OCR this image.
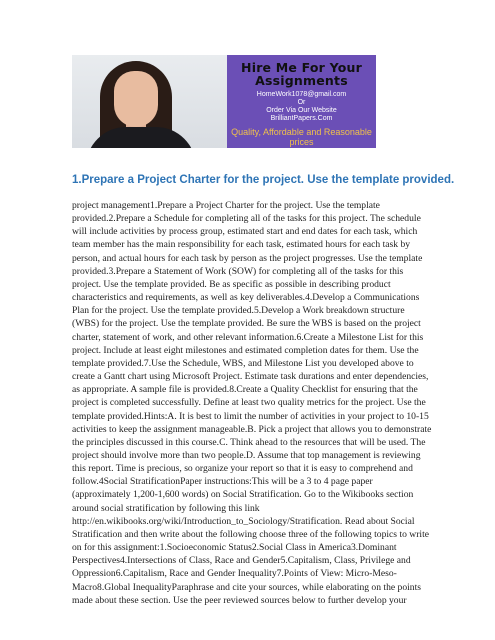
Hire Me For Your Assignments
HomeWork1078@gmail.com
Or
Order Via Our Website
BrilliantPapers.Com
Quality, Affordable and Reasonable prices
1.Prepare a Project Charter for the project. Use the template provided.

project management1.Prepare a Project Charter for the project. Use the template provided.2.Prepare a Schedule for completing all of the tasks for this project. The schedule will include activities by process group, estimated start and end dates for each task, which team member has the main responsibility for each task, estimated hours for each task by person, and actual hours for each task by person as the project progresses. Use the template provided.3.Prepare a Statement of Work (SOW) for completing all of the tasks for this project. Use the template provided. Be as specific as possible in describing product characteristics and requirements, as well as key deliverables.4.Develop a Communications Plan for the project. Use the template provided.5.Develop a Work breakdown structure (WBS) for the project. Use the template provided. Be sure the WBS is based on the project charter, statement of work, and other relevant information.6.Create a Milestone List for this project. Include at least eight milestones and estimated completion dates for them. Use the template provided.7.Use the Schedule, WBS, and Milestone List you developed above to create a Gantt chart using Microsoft Project. Estimate task durations and enter dependencies, as appropriate. A sample file is provided.8.Create a Quality Checklist for ensuring that the project is completed successfully. Define at least two quality metrics for the project. Use the template provided.Hints:A. It is best to limit the number of activities in your project to 10-15 activities to keep the assignment manageable.B. Pick a project that allows you to demonstrate the principles discussed in this course.C. Think ahead to the resources that will be used. The project should involve more than two people.D. Assume that top management is reviewing this report. Time is precious, so organize your report so that it is easy to comprehend and follow.4Social StratificationPaper instructions:This will be a 3 to 4 page paper (approximately 1,200-1,600 words) on Social Stratification. Go to the Wikibooks section around social stratification by following this link http://en.wikibooks.org/wiki/Introduction_to_Sociology/Stratification. Read about Social Stratification and then write about the following choose three of the following topics to write on for this assignment:1.Socioeconomic Status2.Social Class in America3.Dominant Perspectives4.Intersections of Class, Race and Gender5.Capitalism, Class, Privilege and Oppression6.Capitalism, Race and Gender Inequality7.Points of View: Micro-Meso-Macro8.Global InequalityParaphrase and cite your sources, while elaborating on the points made about these section. Use the peer reviewed sources below to further develop your
